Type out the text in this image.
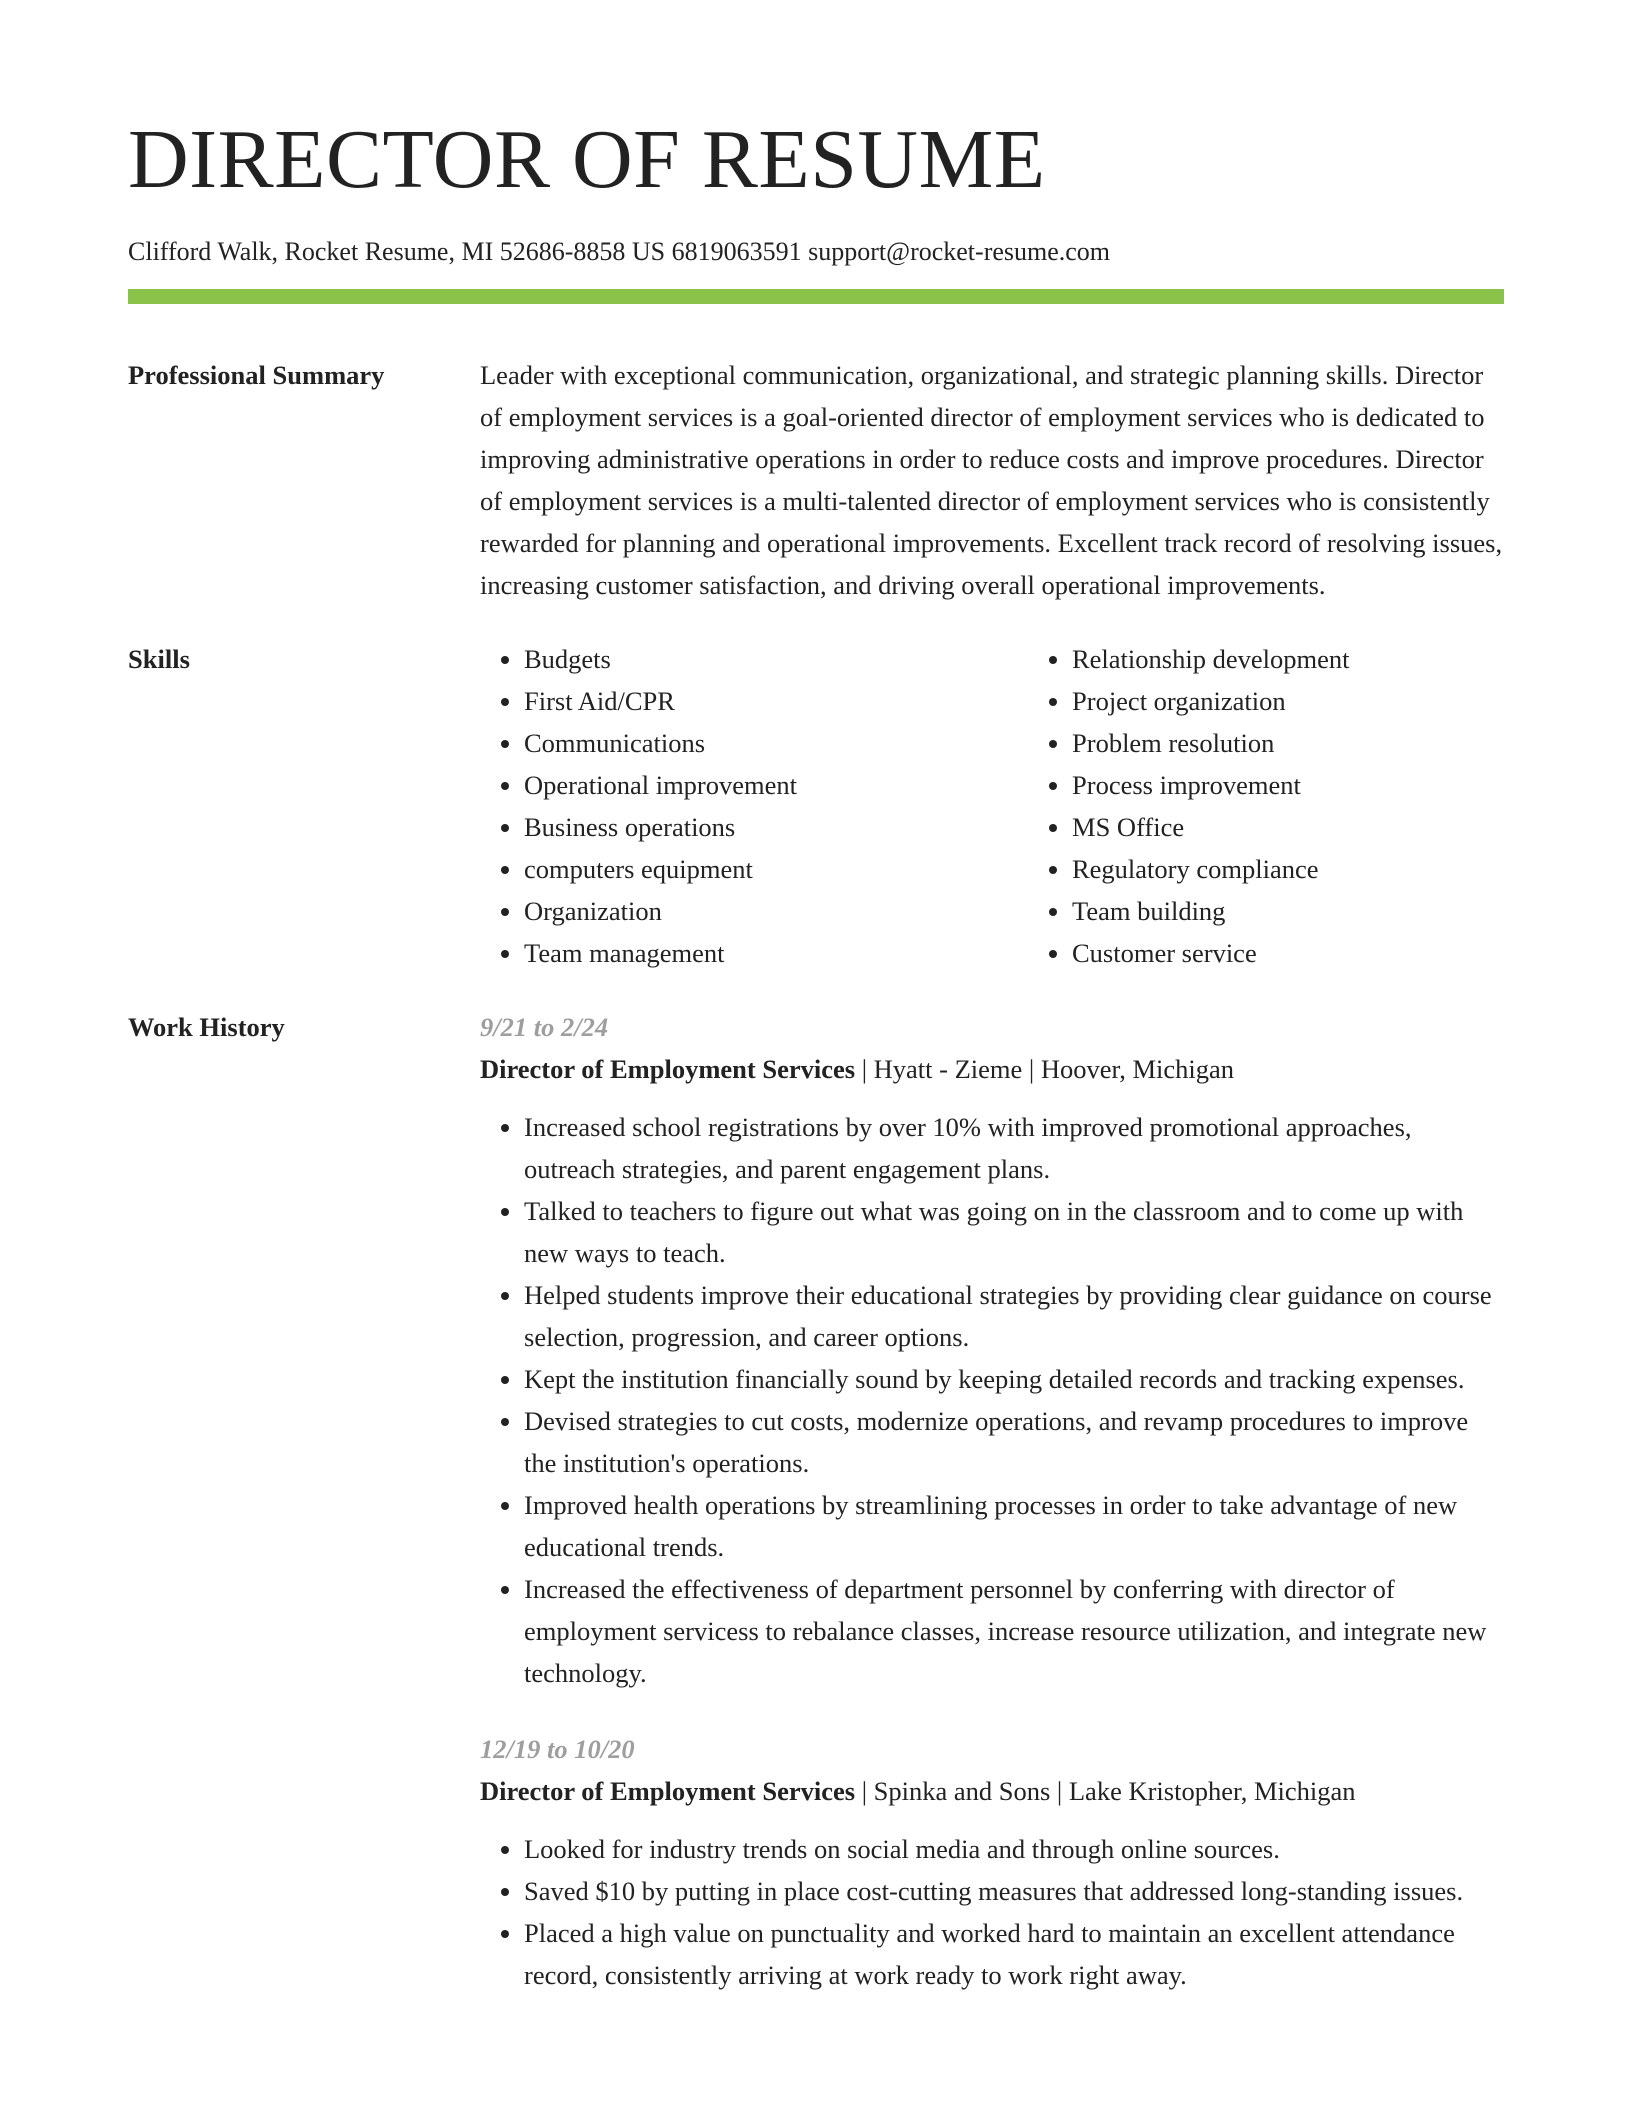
DIRECTOR OF RESUME
Clifford Walk, Rocket Resume, MI 52686-8858 US 6819063591 support@rocket-resume.com
Professional Summary	Leader with exceptional communication, organizational, and strategic planning skills. Director of employment services is a goal-oriented director of employment services who is dedicated to improving administrative operations in order to reduce costs and improve procedures. Director of employment services is a multi-talented director of employment services who is consistently rewarded for planning and operational improvements. Excellent track record of resolving issues, increasing customer satisfaction, and driving overall operational improvements.
Skills
•	Budgets
• First Aid/CPR
• Communications
• Operational improvement
• Business operations
• computers equipment
• Organization
• Team management
• Relationship development
• Project organization
• Problem resolution
• Process improvement
• MS Office
• Regulatory compliance
• Team building
• Customer service
Work History	9/21 to 2/24
Director of Employment Services | Hyatt - Zieme | Hoover, Michigan
• Increased school registrations by over 10% with improved promotional approaches, outreach strategies, and parent engagement plans.
• Talked to teachers to figure out what was going on in the classroom and to come up with new ways to teach.
• Helped students improve their educational strategies by providing clear guidance on course selection, progression, and career options.
• Kept the institution financially sound by keeping detailed records and tracking expenses.
• Devised strategies to cut costs, modernize operations, and revamp procedures to improve the institution's operations.
• Improved health operations by streamlining processes in order to take advantage of new educational trends.
• Increased the effectiveness of department personnel by conferring with director of employment servicess to rebalance classes, increase resource utilization, and integrate new technology.
12/19 to 10/20
Director of Employment Services | Spinka and Sons | Lake Kristopher, Michigan
• Looked for industry trends on social media and through online sources.
• Saved $10 by putting in place cost-cutting measures that addressed long-standing issues.
• Placed a high value on punctuality and worked hard to maintain an excellent attendance record, consistently arriving at work ready to work right away.
